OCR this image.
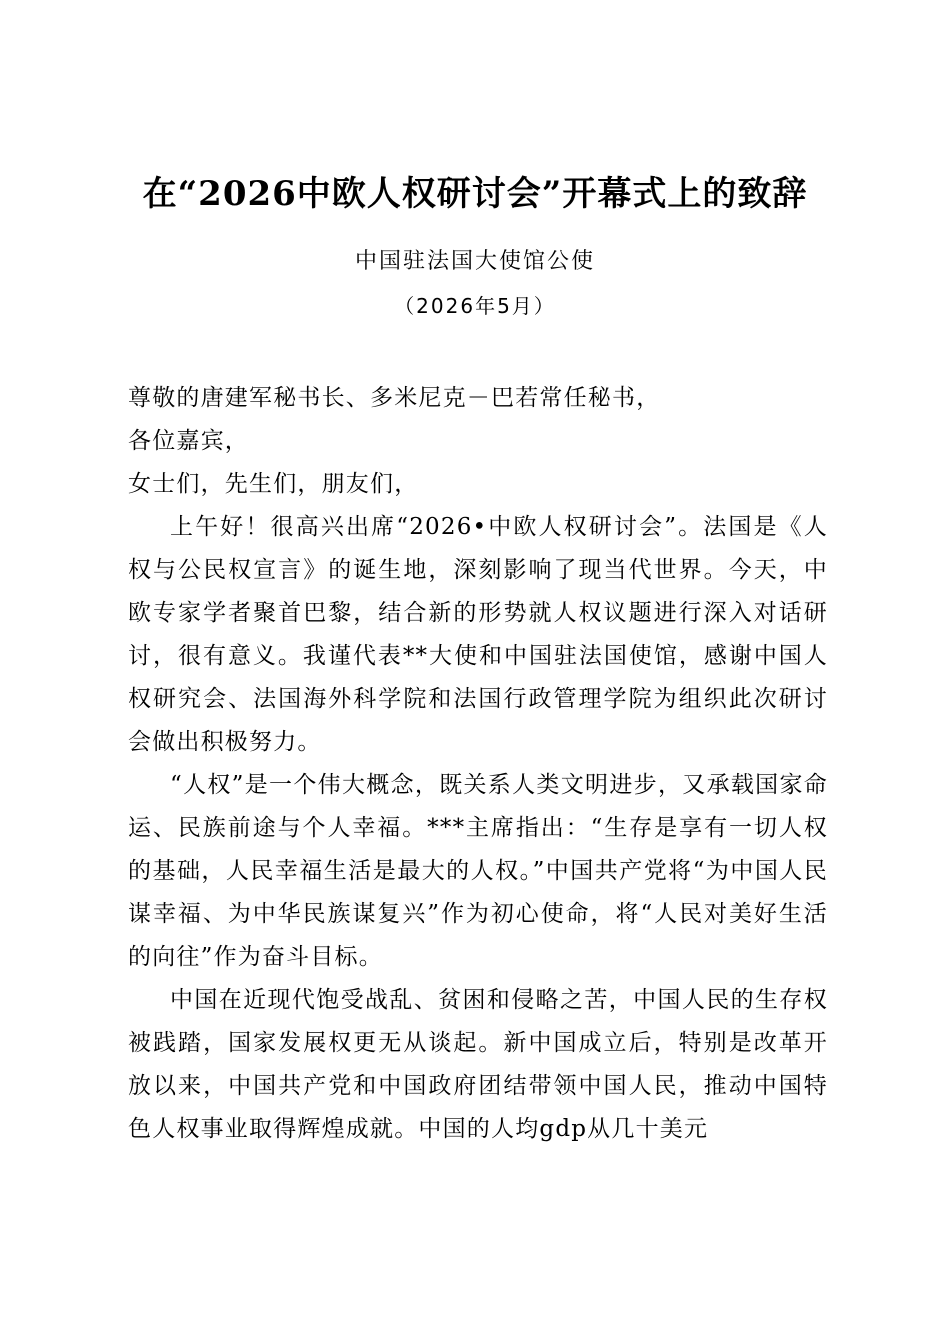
在“2026中欧人权研讨会”开幕式上的致辞
中国驻法国大使馆公使
（2026年5月）

尊敬的唐建军秘书长、多米尼克－巴若常任秘书，

各位嘉宾，

女士们，先生们，朋友们，

上午好！很高兴出席“2026•中欧人权研讨会”。法国是《人权与公民权宣言》的诞生地，深刻影响了现当代世界。今天，中欧专家学者聚首巴黎，结合新的形势就人权议题进行深入对话研讨，很有意义。我谨代表**大使和中国驻法国使馆，感谢中国人权研究会、法国海外科学院和法国行政管理学院为组织此次研讨会做出积极努力。

“人权”是一个伟大概念，既关系人类文明进步，又承载国家命运、民族前途与个人幸福。***主席指出：“生存是享有一切人权的基础，人民幸福生活是最大的人权。”中国共产党将“为中国人民谋幸福、为中华民族谋复兴”作为初心使命，将“人民对美好生活的向往”作为奋斗目标。

中国在近现代饱受战乱、贫困和侵略之苦，中国人民的生存权被践踏，国家发展权更无从谈起。新中国成立后，特别是改革开放以来，中国共产党和中国政府团结带领中国人民，推动中国特色人权事业取得辉煌成就。中国的人均gdp从几十美元
